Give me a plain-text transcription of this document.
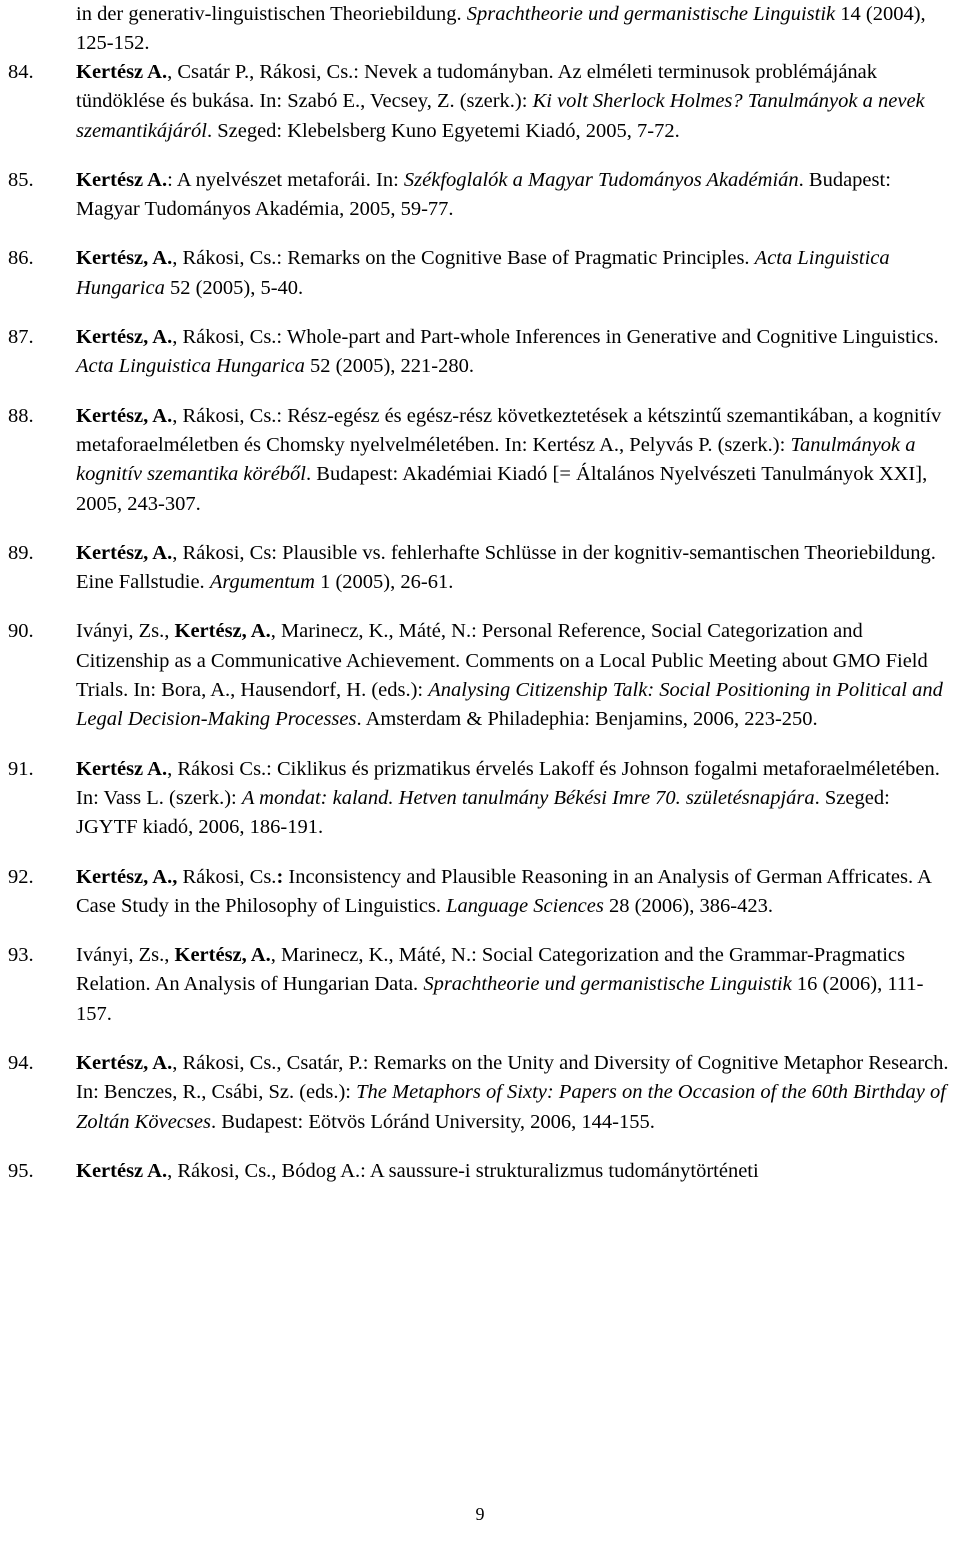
in der generativ-linguistischen Theoriebildung. Sprachtheorie und germanistische Linguistik 14 (2004), 125-152.
84.	Kertész A., Csatár P., Rákosi, Cs.: Nevek a tudományban. Az elméleti terminusok problémájának tündöklése és bukása. In: Szabó E., Vecsey, Z. (szerk.): Ki volt Sherlock Holmes? Tanulmányok a nevek szemantikájáról. Szeged: Klebelsberg Kuno Egyetemi Kiadó, 2005, 7-72.
85.	Kertész A.: A nyelvészet metaforái. In: Székfoglalók a Magyar Tudományos Akadémián. Budapest: Magyar Tudományos Akadémia, 2005, 59-77.
86.	Kertész, A., Rákosi, Cs.: Remarks on the Cognitive Base of Pragmatic Principles. Acta Linguistica Hungarica 52 (2005), 5-40.
87.	Kertész, A., Rákosi, Cs.: Whole-part and Part-whole Inferences in Generative and Cognitive Linguistics. Acta Linguistica Hungarica 52 (2005), 221-280.
88.	Kertész, A., Rákosi, Cs.: Rész-egész és egész-rész következtetések a kétszintű szemantikában, a kognitív metaforaelméletben és Chomsky nyelvelméletében. In: Kertész A., Pelyvás P. (szerk.): Tanulmányok a kognitív szemantika köréből. Budapest: Akadémiai Kiadó [= Általános Nyelvészeti Tanulmányok XXI], 2005, 243-307.
89.	Kertész, A., Rákosi, Cs: Plausible vs. fehlerhafte Schlüsse in der kognitiv-semantischen Theoriebildung. Eine Fallstudie. Argumentum 1 (2005), 26-61.
90.	Iványi, Zs., Kertész, A., Marinecz, K., Máté, N.: Personal Reference, Social Categorization and Citizenship as a Communicative Achievement. Comments on a Local Public Meeting about GMO Field Trials. In: Bora, A., Hausendorf, H. (eds.): Analysing Citizenship Talk: Social Positioning in Political and Legal Decision-Making Processes. Amsterdam & Philadephia: Benjamins, 2006, 223-250.
91.	Kertész A., Rákosi Cs.: Ciklikus és prizmatikus érvelés Lakoff és Johnson fogalmi metaforaelméletében. In: Vass L. (szerk.): A mondat: kaland. Hetven tanulmány Békési Imre 70. születésnapjára. Szeged: JGYTF kiadó, 2006, 186-191.
92.	Kertész, A., Rákosi, Cs.: Inconsistency and Plausible Reasoning in an Analysis of German Affricates. A Case Study in the Philosophy of Linguistics. Language Sciences 28 (2006), 386-423.
93.	Iványi, Zs., Kertész, A., Marinecz, K., Máté, N.: Social Categorization and the Grammar-Pragmatics Relation. An Analysis of Hungarian Data. Sprachtheorie und germanistische Linguistik 16 (2006), 111-157.
94.	Kertész, A., Rákosi, Cs., Csatár, P.: Remarks on the Unity and Diversity of Cognitive Metaphor Research. In: Benczes, R., Csábi, Sz. (eds.): The Metaphors of Sixty: Papers on the Occasion of the 60th Birthday of Zoltán Kövecses. Budapest: Eötvös Lóránd University, 2006, 144-155.
95.	Kertész A., Rákosi, Cs., Bódog A.: A saussure-i strukturalizmus tudománytörténeti
9
